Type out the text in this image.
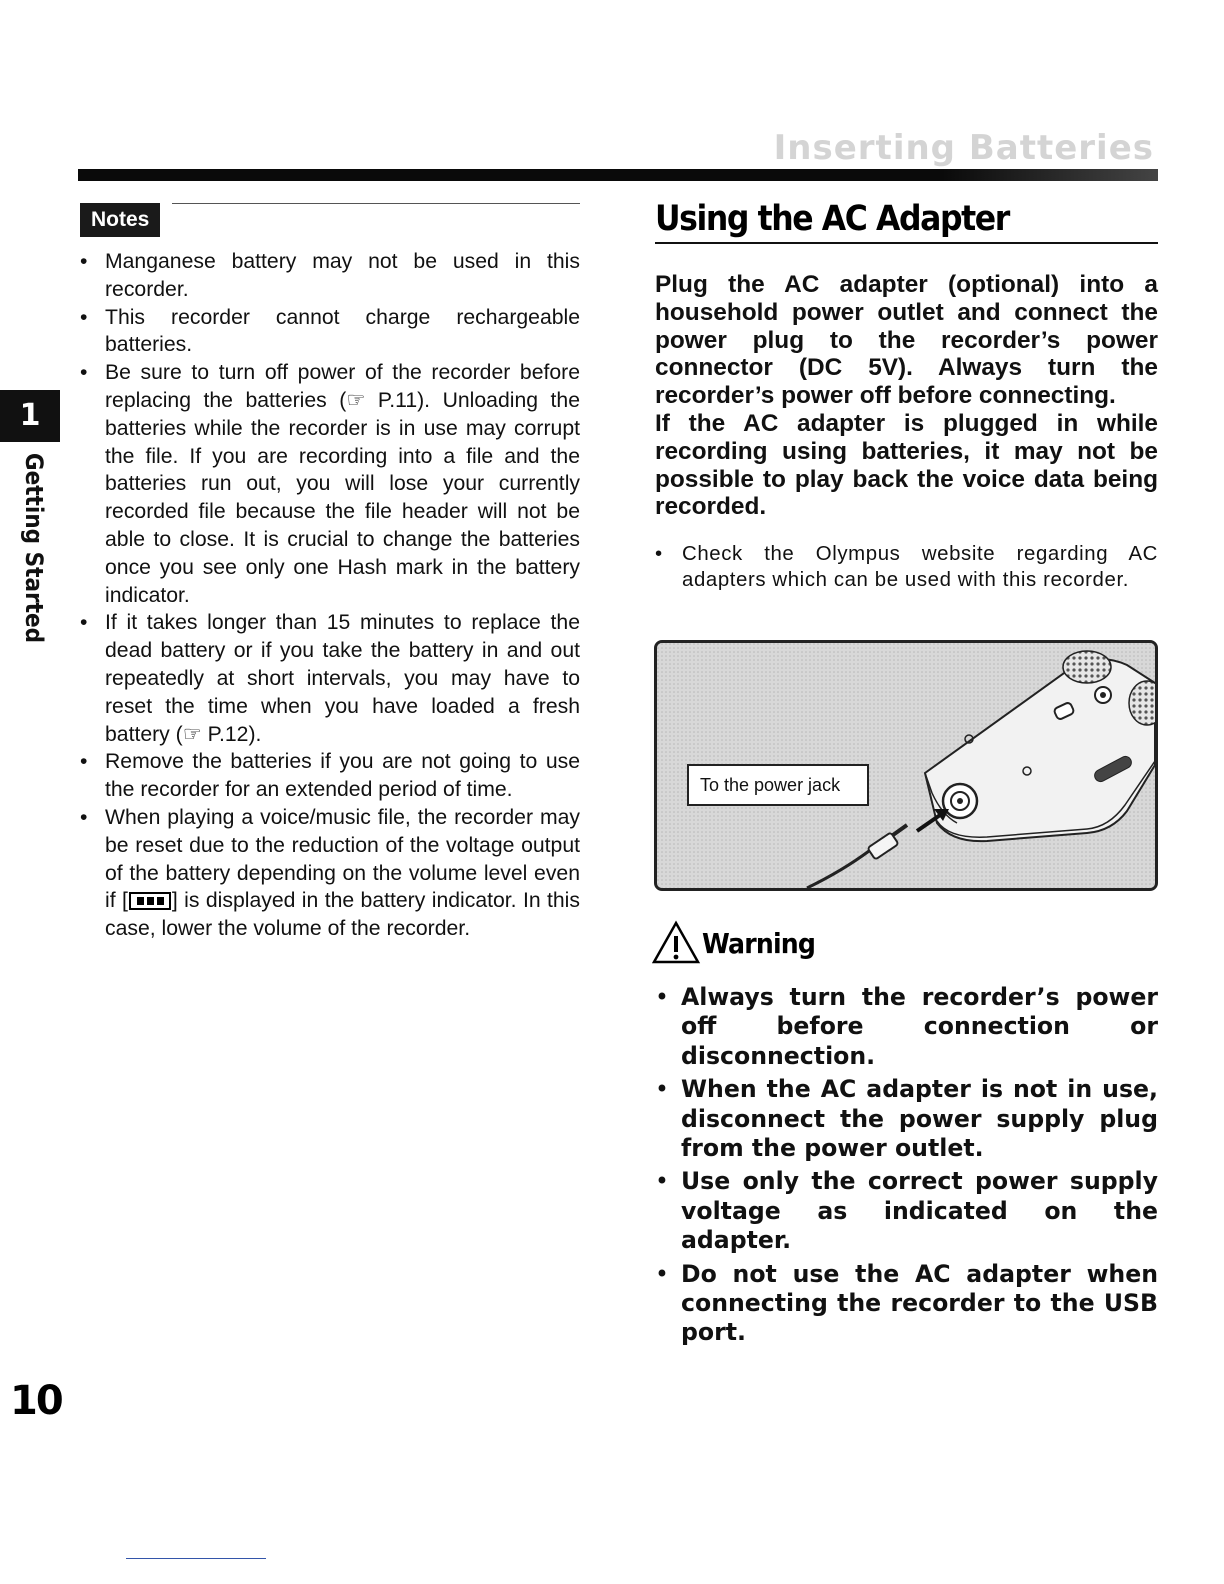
Inserting Batteries
1
Getting Started
Notes
• Manganese battery may not be used in this recorder.
• This recorder cannot charge rechargeable batteries.
• Be sure to turn off power of the recorder before replacing the batteries (☞ P.11). Unloading the batteries while the recorder is in use may corrupt the file. If you are recording into a file and the batteries run out, you will lose your currently recorded file because the file header will not be able to close. It is crucial to change the batteries once you see only one Hash mark in the battery indicator.
• If it takes longer than 15 minutes to replace the dead battery or if you take the battery in and out repeatedly at short intervals, you may have to reset the time when you have loaded a fresh battery (☞ P.12).
• Remove the batteries if you are not going to use the recorder for an extended period of time.
• When playing a voice/music file, the recorder may be reset due to the reduction of the voltage output of the battery depending on the volume level even if [ ] is displayed in the battery indicator. In this case, lower the volume of the recorder.
Using the AC Adapter

Plug the AC adapter (optional) into a household power outlet and connect the power plug to the recorder’s power connector (DC 5V). Always turn the recorder’s power off before connecting.

If the AC adapter is plugged in while recording using batteries, it may not be possible to play back the voice data being recorded.

• Check the Olympus website regarding AC adapters which can be used with this recorder.
To the power jack
Warning
• Always turn the recorder’s power off before connection or disconnection.
• When the AC adapter is not in use, disconnect the power supply plug from the power outlet.
• Use only the correct power supply voltage as indicated on the adapter.
• Do not use the AC adapter when connecting the recorder to the USB port.
10
